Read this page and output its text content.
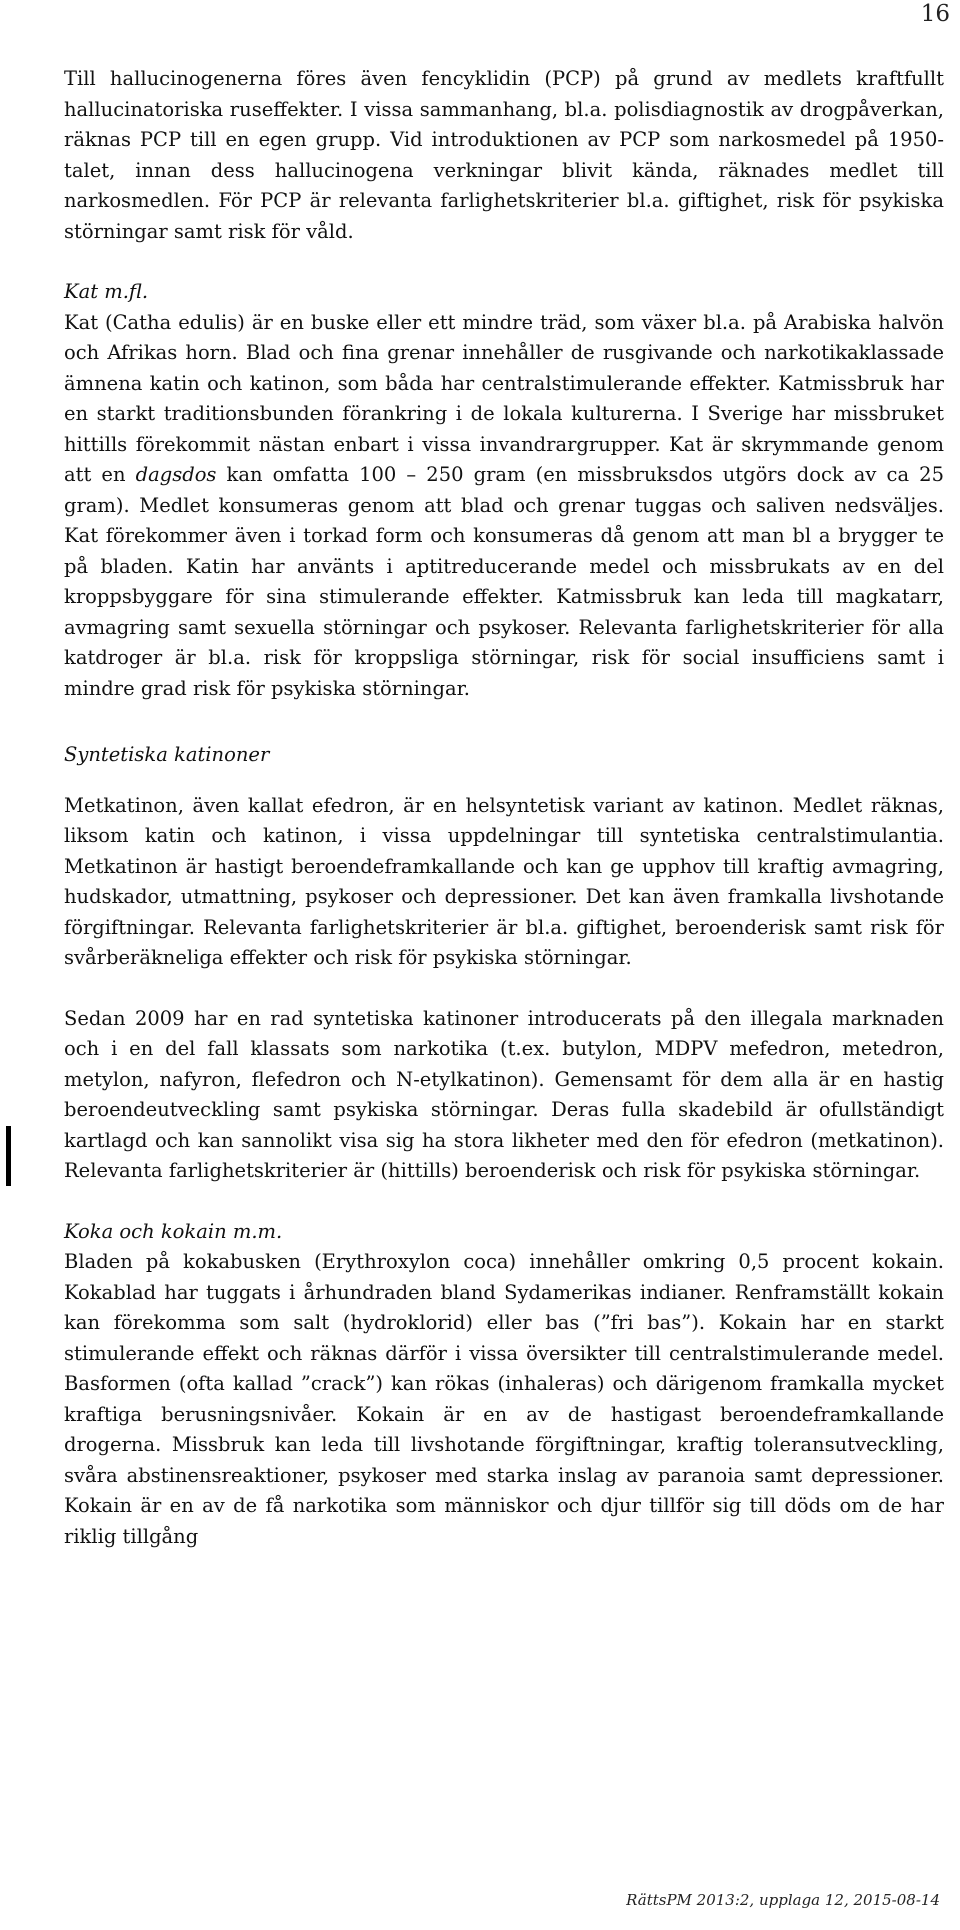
16

Till hallucinogenerna föres även fencyklidin (PCP) på grund av medlets kraftfullt hallucinatoriska ruseffekter. I vissa sammanhang, bl.a. polisdiagnostik av drogpåverkan, räknas PCP till en egen grupp. Vid introduktionen av PCP som narkosmedel på 1950-talet, innan dess hallucinogena verkningar blivit kända, räknades medlet till narkosmedlen. För PCP är relevanta farlighetskriterier bl.a. giftighet, risk för psykiska störningar samt risk för våld.

Kat m.fl.

Kat (Catha edulis) är en buske eller ett mindre träd, som växer bl.a. på Arabiska halvön och Afrikas horn. Blad och fina grenar innehåller de rusgivande och narkotikaklassade ämnena katin och katinon, som båda har centralstimulerande effekter. Katmissbruk har en starkt traditionsbunden förankring i de lokala kulturerna. I Sverige har missbruket hittills förekommit nästan enbart i vissa invandrargrupper. Kat är skrymmande genom att en dagsdos kan omfatta 100 – 250 gram (en missbruksdos utgörs dock av ca 25 gram). Medlet konsumeras genom att blad och grenar tuggas och saliven nedsväljes. Kat förekommer även i torkad form och konsumeras då genom att man bl a brygger te på bladen. Katin har använts i aptitreducerande medel och missbrukats av en del kroppsbyggare för sina stimulerande effekter. Katmissbruk kan leda till magkatarr, avmagring samt sexuella störningar och psykoser. Relevanta farlighetskriterier för alla katdroger är bl.a. risk för kroppsliga störningar, risk för social insufficiens samt i mindre grad risk för psykiska störningar.

Syntetiska katinoner

Metkatinon, även kallat efedron, är en helsyntetisk variant av katinon. Medlet räknas, liksom katin och katinon, i vissa uppdelningar till syntetiska centralstimulantia. Metkatinon är hastigt beroendeframkallande och kan ge upphov till kraftig avmagring, hudskador, utmattning, psykoser och depressioner. Det kan även framkalla livshotande förgiftningar. Relevanta farlighetskriterier är bl.a. giftighet, beroenderisk samt risk för svårberäkneliga effekter och risk för psykiska störningar.

Sedan 2009 har en rad syntetiska katinoner introducerats på den illegala marknaden och i en del fall klassats som narkotika (t.ex. butylon, MDPV mefedron, metedron, metylon, nafyron, flefedron och N-etylkatinon). Gemensamt för dem alla är en hastig beroendeutveckling samt psykiska störningar. Deras fulla skadebild är ofullständigt kartlagd och kan sannolikt visa sig ha stora likheter med den för efedron (metkatinon). Relevanta farlighetskriterier är (hittills) beroenderisk och risk för psykiska störningar.

Koka och kokain m.m.

Bladen på kokabusken (Erythroxylon coca) innehåller omkring 0,5 procent kokain. Kokablad har tuggats i århundraden bland Sydamerikas indianer. Renframställt kokain kan förekomma som salt (hydroklorid) eller bas (”fri bas”). Kokain har en starkt stimulerande effekt och räknas därför i vissa översikter till centralstimulerande medel. Basformen (ofta kallad ”crack”) kan rökas (inhaleras) och därigenom framkalla mycket kraftiga berusningsnivåer. Kokain är en av de hastigast beroendeframkallande drogerna. Missbruk kan leda till livshotande förgiftningar, kraftig toleransutveckling, svåra abstinensreaktioner, psykoser med starka inslag av paranoia samt depressioner. Kokain är en av de få narkotika som människor och djur tillför sig till döds om de har riklig tillgång

RättsPM 2013:2, upplaga 12, 2015-08-14
